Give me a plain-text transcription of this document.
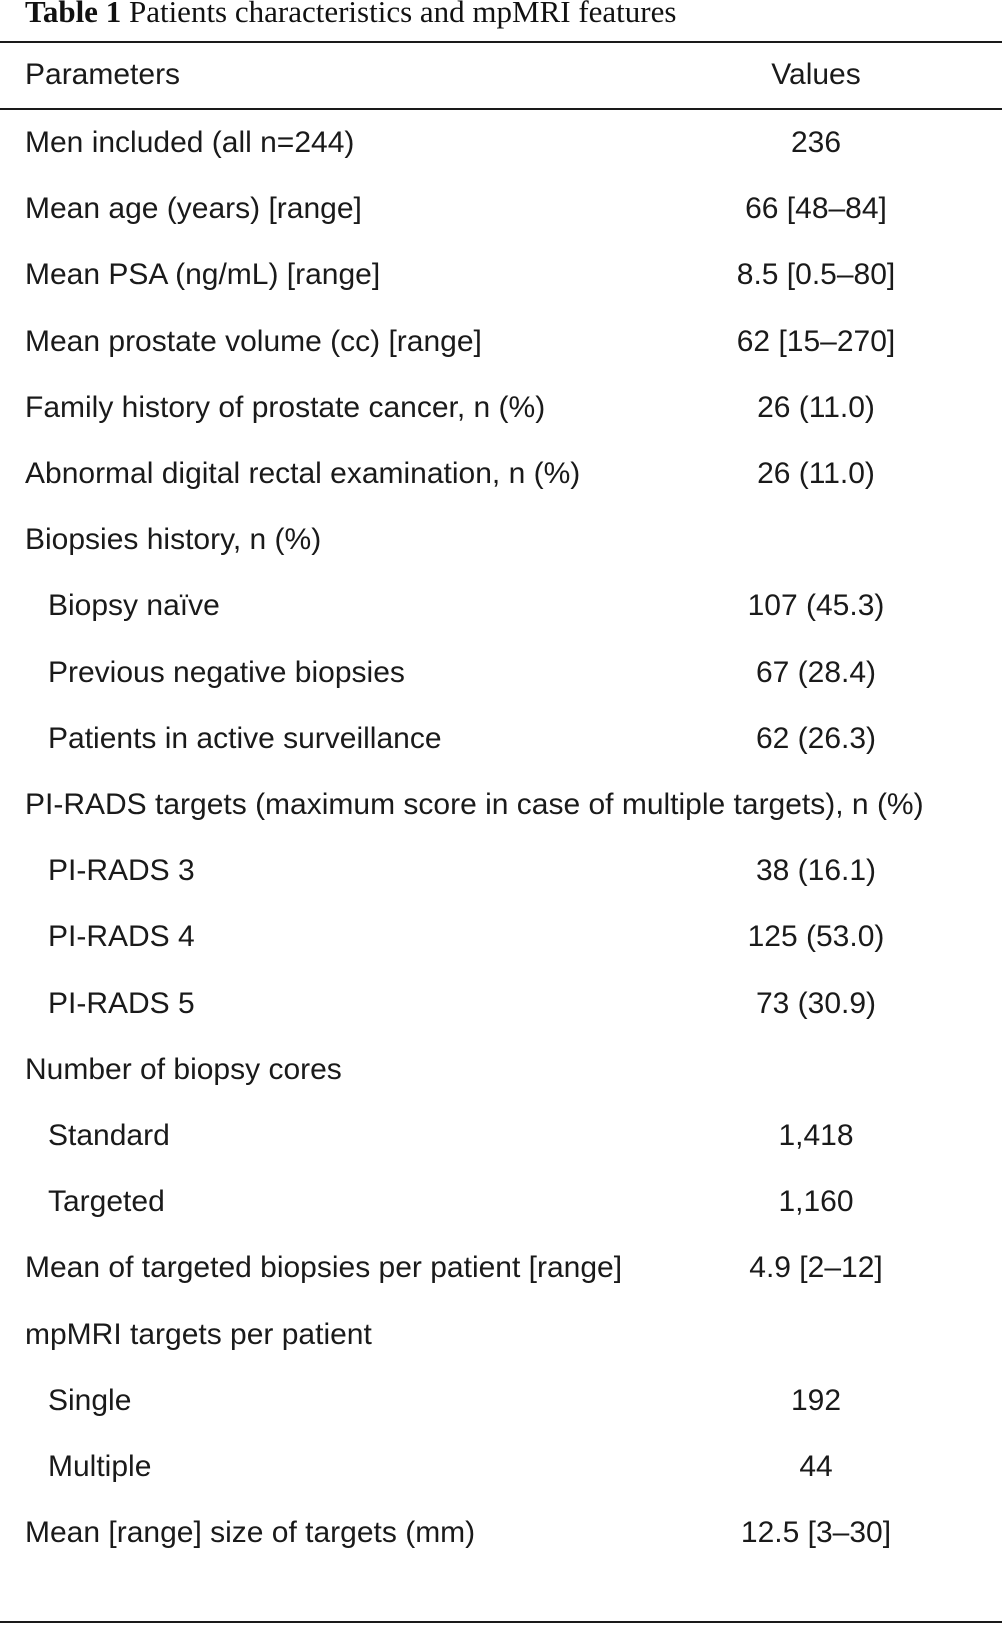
Table 1 Patients characteristics and mpMRI features
Parameters	Values
Men included (all n=244)	236
Mean age (years) [range]	66 [48–84]
Mean PSA (ng/mL) [range]	8.5 [0.5–80]
Mean prostate volume (cc) [range]	62 [15–270]
Family history of prostate cancer, n (%)	26 (11.0)
Abnormal digital rectal examination, n (%)	26 (11.0)
Biopsies history, n (%)
Biopsy naïve	107 (45.3)
Previous negative biopsies	67 (28.4)
Patients in active surveillance	62 (26.3)
PI-RADS targets (maximum score in case of multiple targets), n (%)
PI-RADS 3	38 (16.1)
PI-RADS 4	125 (53.0)
PI-RADS 5	73 (30.9)
Number of biopsy cores
Standard	1,418
Targeted	1,160
Mean of targeted biopsies per patient [range]	4.9 [2–12]
mpMRI targets per patient
Single	192
Multiple	44
Mean [range] size of targets (mm)	12.5 [3–30]
